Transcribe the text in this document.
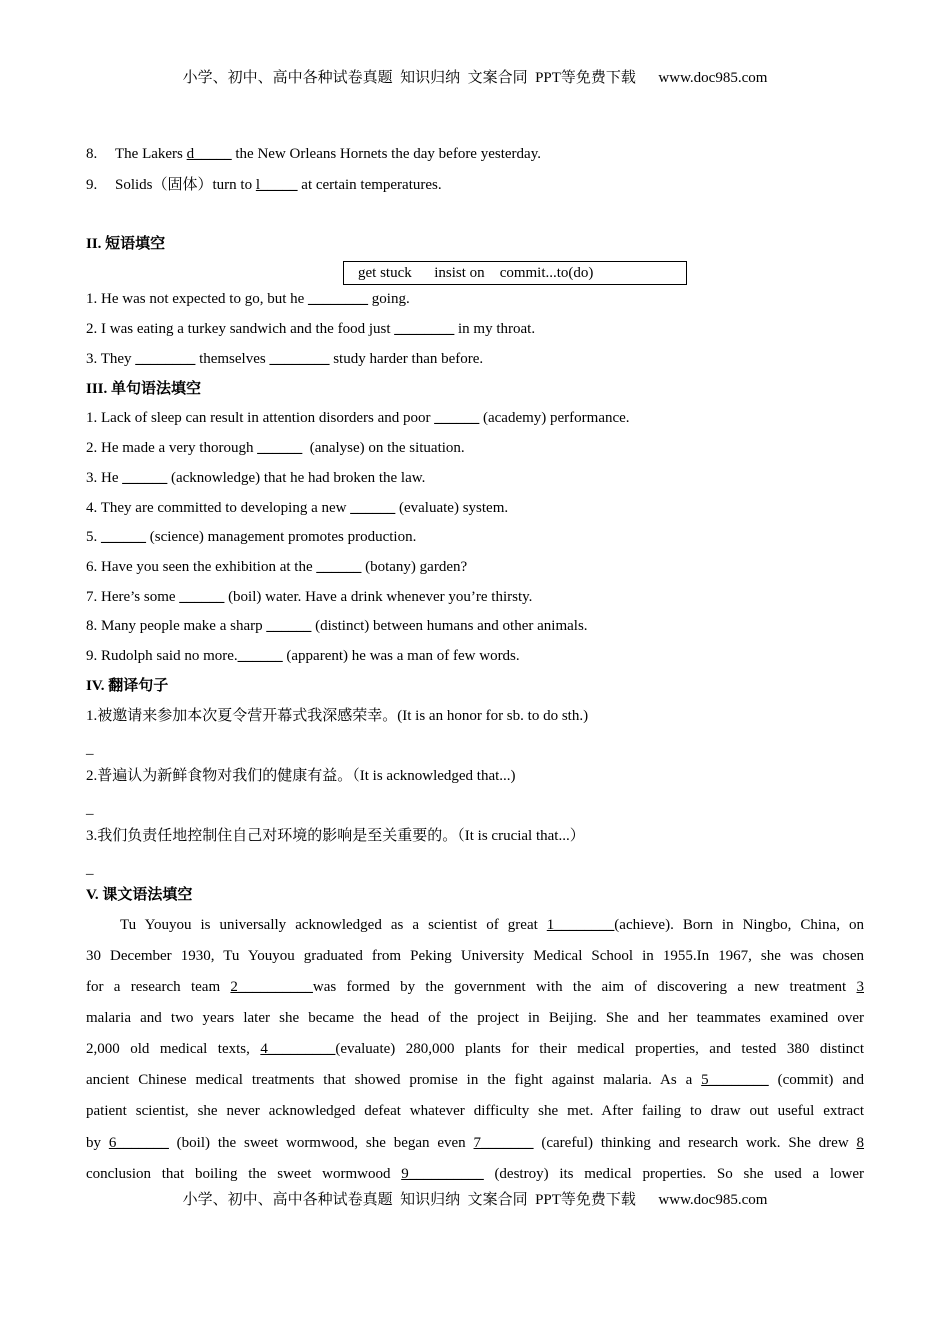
小学、初中、高中各种试卷真题  知识归纳  文案合同  PPT等免费下载      www.doc985.com
get stuck insist on commit...to(do)
8. The Lakers d_____ the New Orleans Hornets the day before yesterday.
9. Solids（固体）turn to l_____ at certain temperatures.
II. 短语填空
1. He was not expected to go, but he ________ going.
2. I was eating a turkey sandwich and the food just ________ in my throat.
3. They ________ themselves ________ study harder than before.
III. 单句语法填空
1. Lack of sleep can result in attention disorders and poor ______ (academy) performance.
2. He made a very thorough ______  (analyse) on the situation.
3. He ______ (acknowledge) that he had broken the law.
4. They are committed to developing a new ______ (evaluate) system.
5. ______ (science) management promotes production.
6. Have you seen the exhibition at the ______ (botany) garden?
7. Here’s some ______ (boil) water. Have a drink whenever you’re thirsty.
8. Many people make a sharp ______ (distinct) between humans and other animals.
9. Rudolph said no more.______ (apparent) he was a man of few words.
IV. 翻译句子
1.被邀请来参加本次夏令营开幕式我深感荣幸。(It is an honor for sb. to do sth.)
_
2.普遍认为新鲜食物对我们的健康有益。（It is acknowledged that...)
_
3.我们负责任地控制住自己对环境的影响是至关重要的。（It is crucial that...）
_
V. 课文语法填空
Tu Youyou is universally acknowledged as a scientist of great 1________(achieve). Born in Ningbo, China, on
30 December 1930, Tu Youyou graduated from Peking University Medical School in 1955.In 1967, she was chosen
for a research team 2__________was formed by the government with the aim of discovering a new treatment 3
malaria and two years later she became the head of the project in Beijing. She and her teammates examined over
2,000 old medical texts, 4_________(evaluate) 280,000 plants for their medical properties, and tested 380 distinct
ancient Chinese medical treatments that showed promise in the fight against malaria. As a 5________ (commit) and
patient scientist, she never acknowledged defeat whatever difficulty she met. After failing to draw out useful extract
by 6_______ (boil) the sweet wormwood, she began even 7_______ (careful) thinking and research work. She drew 8
conclusion that boiling the sweet wormwood 9__________ (destroy) its medical properties. So she used a lower
小学、初中、高中各种试卷真题  知识归纳  文案合同  PPT等免费下载      www.doc985.com
